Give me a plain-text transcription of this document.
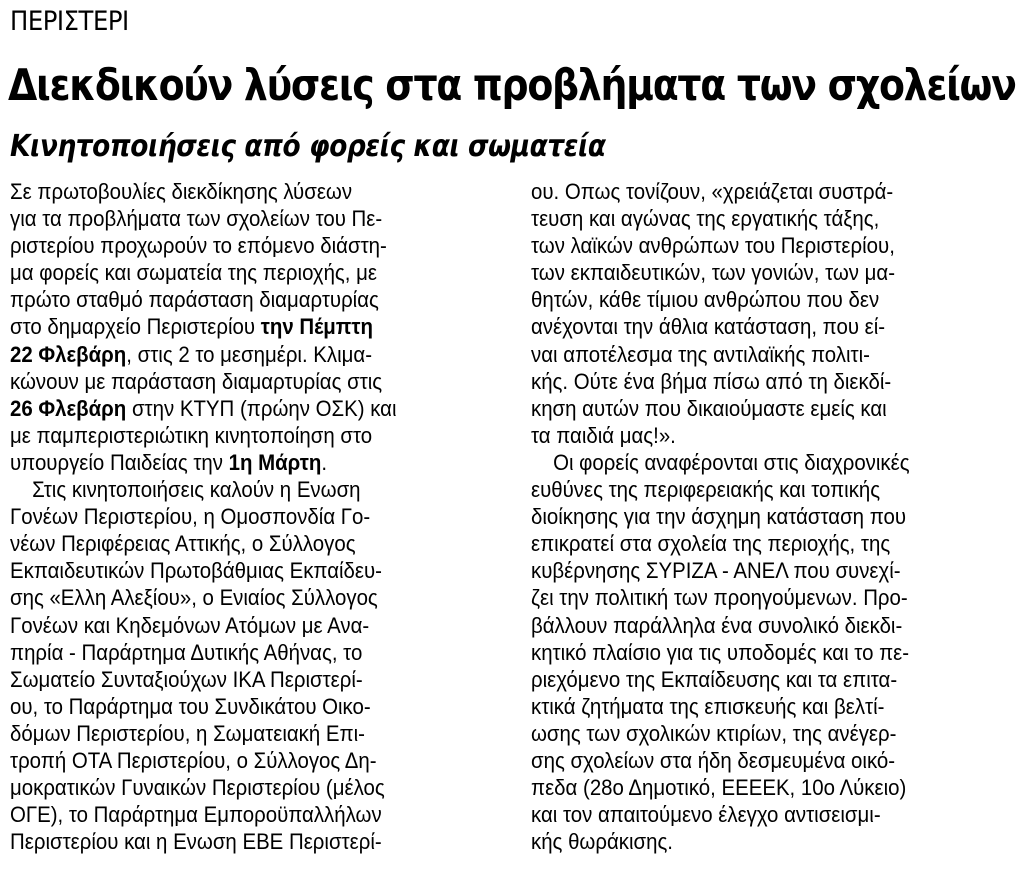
ΠΕΡΙΣΤΕΡΙ
Διεκδικούν λύσεις στα προβλήματα των σχολείων
Κινητοποιήσεις από φορείς και σωματεία
Σε πρωτοβουλίες διεκδίκησης λύσεων
για τα προβλήματα των σχολείων του Πε-
ριστερίου προχωρούν το επόμενο διάστη-
μα φορείς και σωματεία της περιοχής, με
πρώτο σταθμό παράσταση διαμαρτυρίας
στο δημαρχείο Περιστερίου την Πέμπτη
22 Φλεβάρη, στις 2 το μεσημέρι. Κλιμα-
κώνουν με παράσταση διαμαρτυρίας στις
26 Φλεβάρη στην ΚΤΥΠ (πρώην ΟΣΚ) και
με παμπεριστεριώτικη κινητοποίηση στο
υπουργείο Παιδείας την 1η Μάρτη.
Στις κινητοποιήσεις καλούν η Ενωση
Γονέων Περιστερίου, η Ομοσπονδία Γο-
νέων Περιφέρειας Αττικής, ο Σύλλογος
Εκπαιδευτικών Πρωτοβάθμιας Εκπαίδευ-
σης «Ελλη Αλεξίου», ο Ενιαίος Σύλλογος
Γονέων και Κηδεμόνων Ατόμων με Ανα-
πηρία - Παράρτημα Δυτικής Αθήνας, το
Σωματείο Συνταξιούχων ΙΚΑ Περιστερί-
ου, το Παράρτημα του Συνδικάτου Οικο-
δόμων Περιστερίου, η Σωματειακή Επι-
τροπή ΟΤΑ Περιστερίου, ο Σύλλογος Δη-
μοκρατικών Γυναικών Περιστερίου (μέλος
ΟΓΕ), το Παράρτημα Εμποροϋπαλλήλων
Περιστερίου και η Ενωση ΕΒΕ Περιστερί-
ου. Οπως τονίζουν, «χρειάζεται συστρά-
τευση και αγώνας της εργατικής τάξης,
των λαϊκών ανθρώπων του Περιστερίου,
των εκπαιδευτικών, των γονιών, των μα-
θητών, κάθε τίμιου ανθρώπου που δεν
ανέχονται την άθλια κατάσταση, που εί-
ναι αποτέλεσμα της αντιλαϊκής πολιτι-
κής. Ούτε ένα βήμα πίσω από τη διεκδί-
κηση αυτών που δικαιούμαστε εμείς και
τα παιδιά μας!».
Οι φορείς αναφέρονται στις διαχρονικές
ευθύνες της περιφερειακής και τοπικής
διοίκησης για την άσχημη κατάσταση που
επικρατεί στα σχολεία της περιοχής, της
κυβέρνησης ΣΥΡΙΖΑ - ΑΝΕΛ που συνεχί-
ζει την πολιτική των προηγούμενων. Προ-
βάλλουν παράλληλα ένα συνολικό διεκδι-
κητικό πλαίσιο για τις υποδομές και το πε-
ριεχόμενο της Εκπαίδευσης και τα επιτα-
κτικά ζητήματα της επισκευής και βελτί-
ωσης των σχολικών κτιρίων, της ανέγερ-
σης σχολείων στα ήδη δεσμευμένα οικό-
πεδα (28ο Δημοτικό, ΕΕΕΕΚ, 10ο Λύκειο)
και τον απαιτούμενο έλεγχο αντισεισμι-
κής θωράκισης.
